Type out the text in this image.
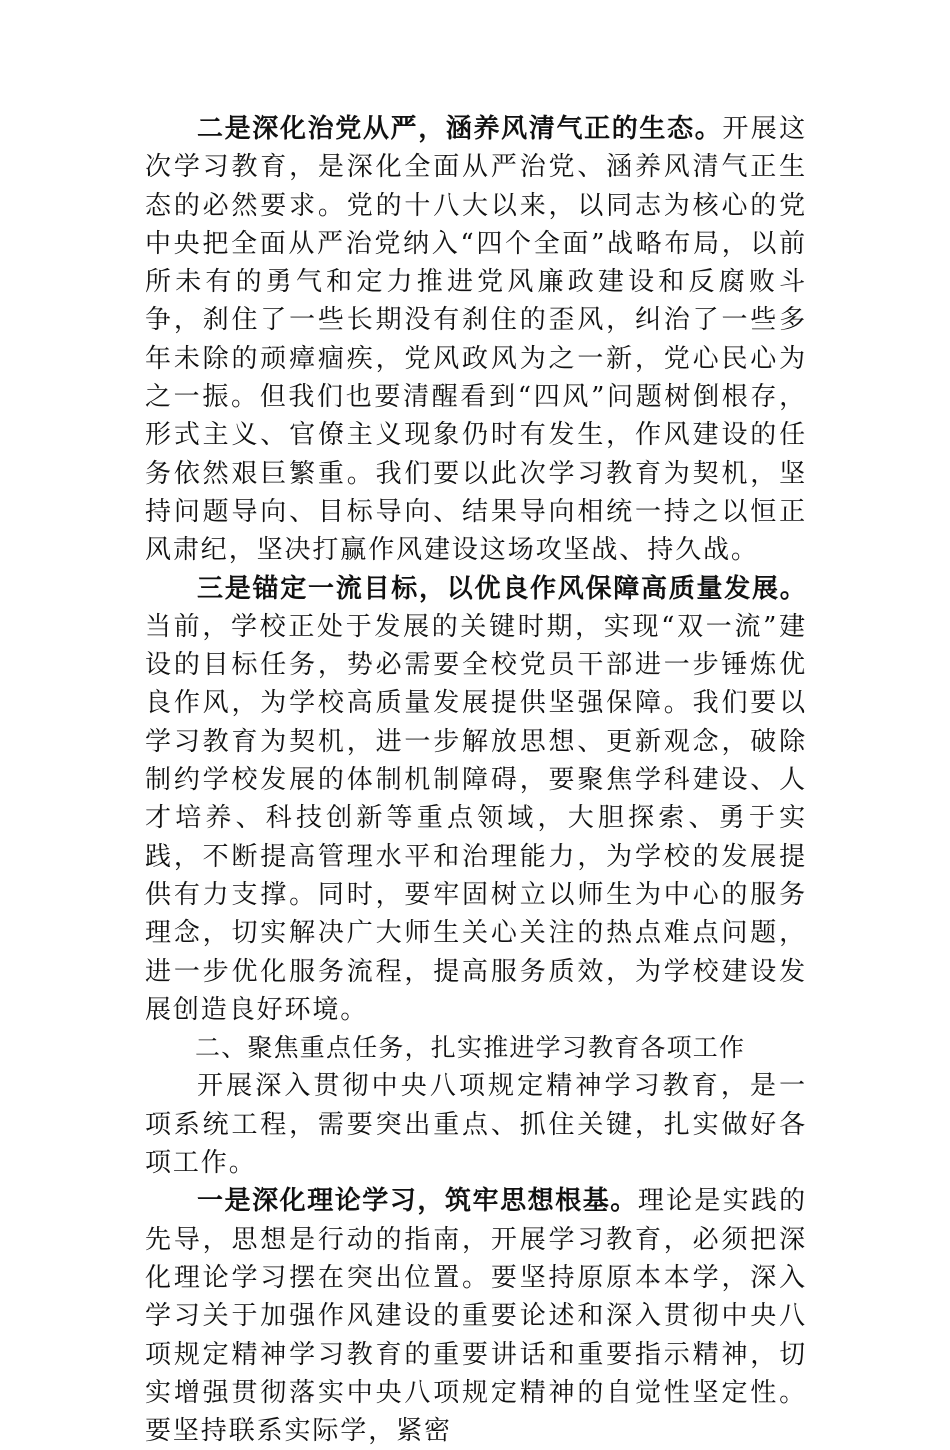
二是深化治党从严，涵养风清气正的生态。开展这次学习教育，是深化全面从严治党、涵养风清气正生态的必然要求。党的十八大以来，以同志为核心的党中央把全面从严治党纳入“四个全面”战略布局，以前所未有的勇气和定力推进党风廉政建设和反腐败斗争，刹住了一些长期没有刹住的歪风，纠治了一些多年未除的顽瘴痼疾，党风政风为之一新，党心民心为之一振。但我们也要清醒看到“四风”问题树倒根存，形式主义、官僚主义现象仍时有发生，作风建设的任务依然艰巨繁重。我们要以此次学习教育为契机，坚持问题导向、目标导向、结果导向相统一持之以恒正风肃纪，坚决打赢作风建设这场攻坚战、持久战。

三是锚定一流目标，以优良作风保障高质量发展。当前，学校正处于发展的关键时期，实现“双一流”建设的目标任务，势必需要全校党员干部进一步锤炼优良作风，为学校高质量发展提供坚强保障。我们要以学习教育为契机，进一步解放思想、更新观念，破除制约学校发展的体制机制障碍，要聚焦学科建设、人才培养、科技创新等重点领域，大胆探索、勇于实践，不断提高管理水平和治理能力，为学校的发展提供有力支撑。同时，要牢固树立以师生为中心的服务理念，切实解决广大师生关心关注的热点难点问题，进一步优化服务流程，提高服务质效，为学校建设发展创造良好环境。

二、聚焦重点任务，扎实推进学习教育各项工作

开展深入贯彻中央八项规定精神学习教育，是一项系统工程，需要突出重点、抓住关键，扎实做好各项工作。

一是深化理论学习，筑牢思想根基。理论是实践的先导，思想是行动的指南，开展学习教育，必须把深化理论学习摆在突出位置。要坚持原原本本学，深入学习关于加强作风建设的重要论述和深入贯彻中央八项规定精神学习教育的重要讲话和重要指示精神，切实增强贯彻落实中央八项规定精神的自觉性坚定性。要坚持联系实际学，紧密
